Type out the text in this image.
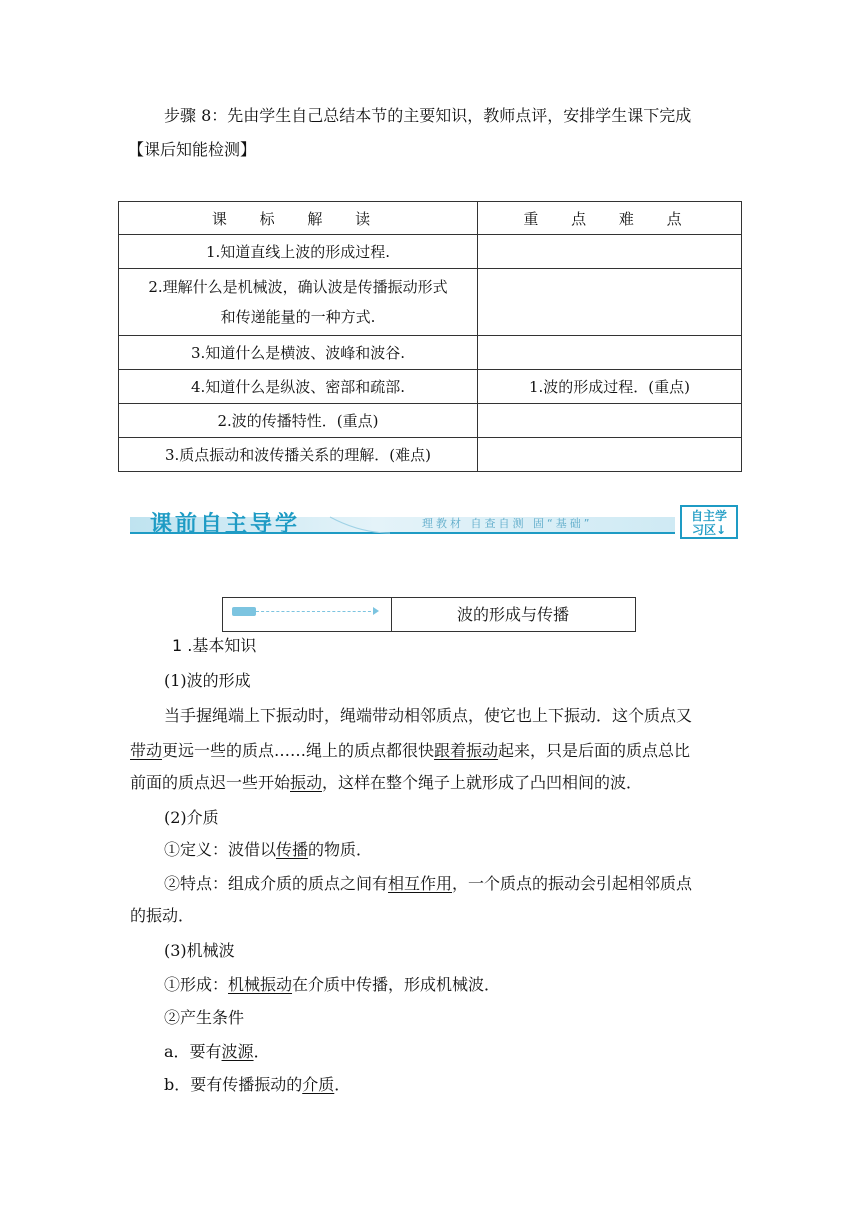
步骤 8：先由学生自己总结本节的主要知识，教师点评，安排学生课下完成
【课后知能检测】
课 标 解 读	重 点 难 点
1.知道直线上波的形成过程.	

2.理解什么是机械波，确认波是传播振动形式
和传递能量的一种方式.	

3.知道什么是横波、波峰和波谷.	
4.知道什么是纵波、密部和疏部.	1.波的形成过程．(重点)
2.波的传播特性．(重点)	
3.质点振动和波传播关系的理解．(难点)	
课前自主导学	理教材 自查自测 固“基础”
自主学
习区↓
波的形成与传播
1 .基本知识
(1)波的形成
当手握绳端上下振动时，绳端带动相邻质点，使它也上下振动．这个质点又
带动更远一些的质点……绳上的质点都很快跟着振动起来，只是后面的质点总比
前面的质点迟一些开始振动，这样在整个绳子上就形成了凸凹相间的波．
(2)介质
①定义：波借以传播的物质．
②特点：组成介质的质点之间有相互作用，一个质点的振动会引起相邻质点
的振动．
(3)机械波
①形成：机械振动在介质中传播，形成机械波．
②产生条件
a．要有波源．
b．要有传播振动的介质．
